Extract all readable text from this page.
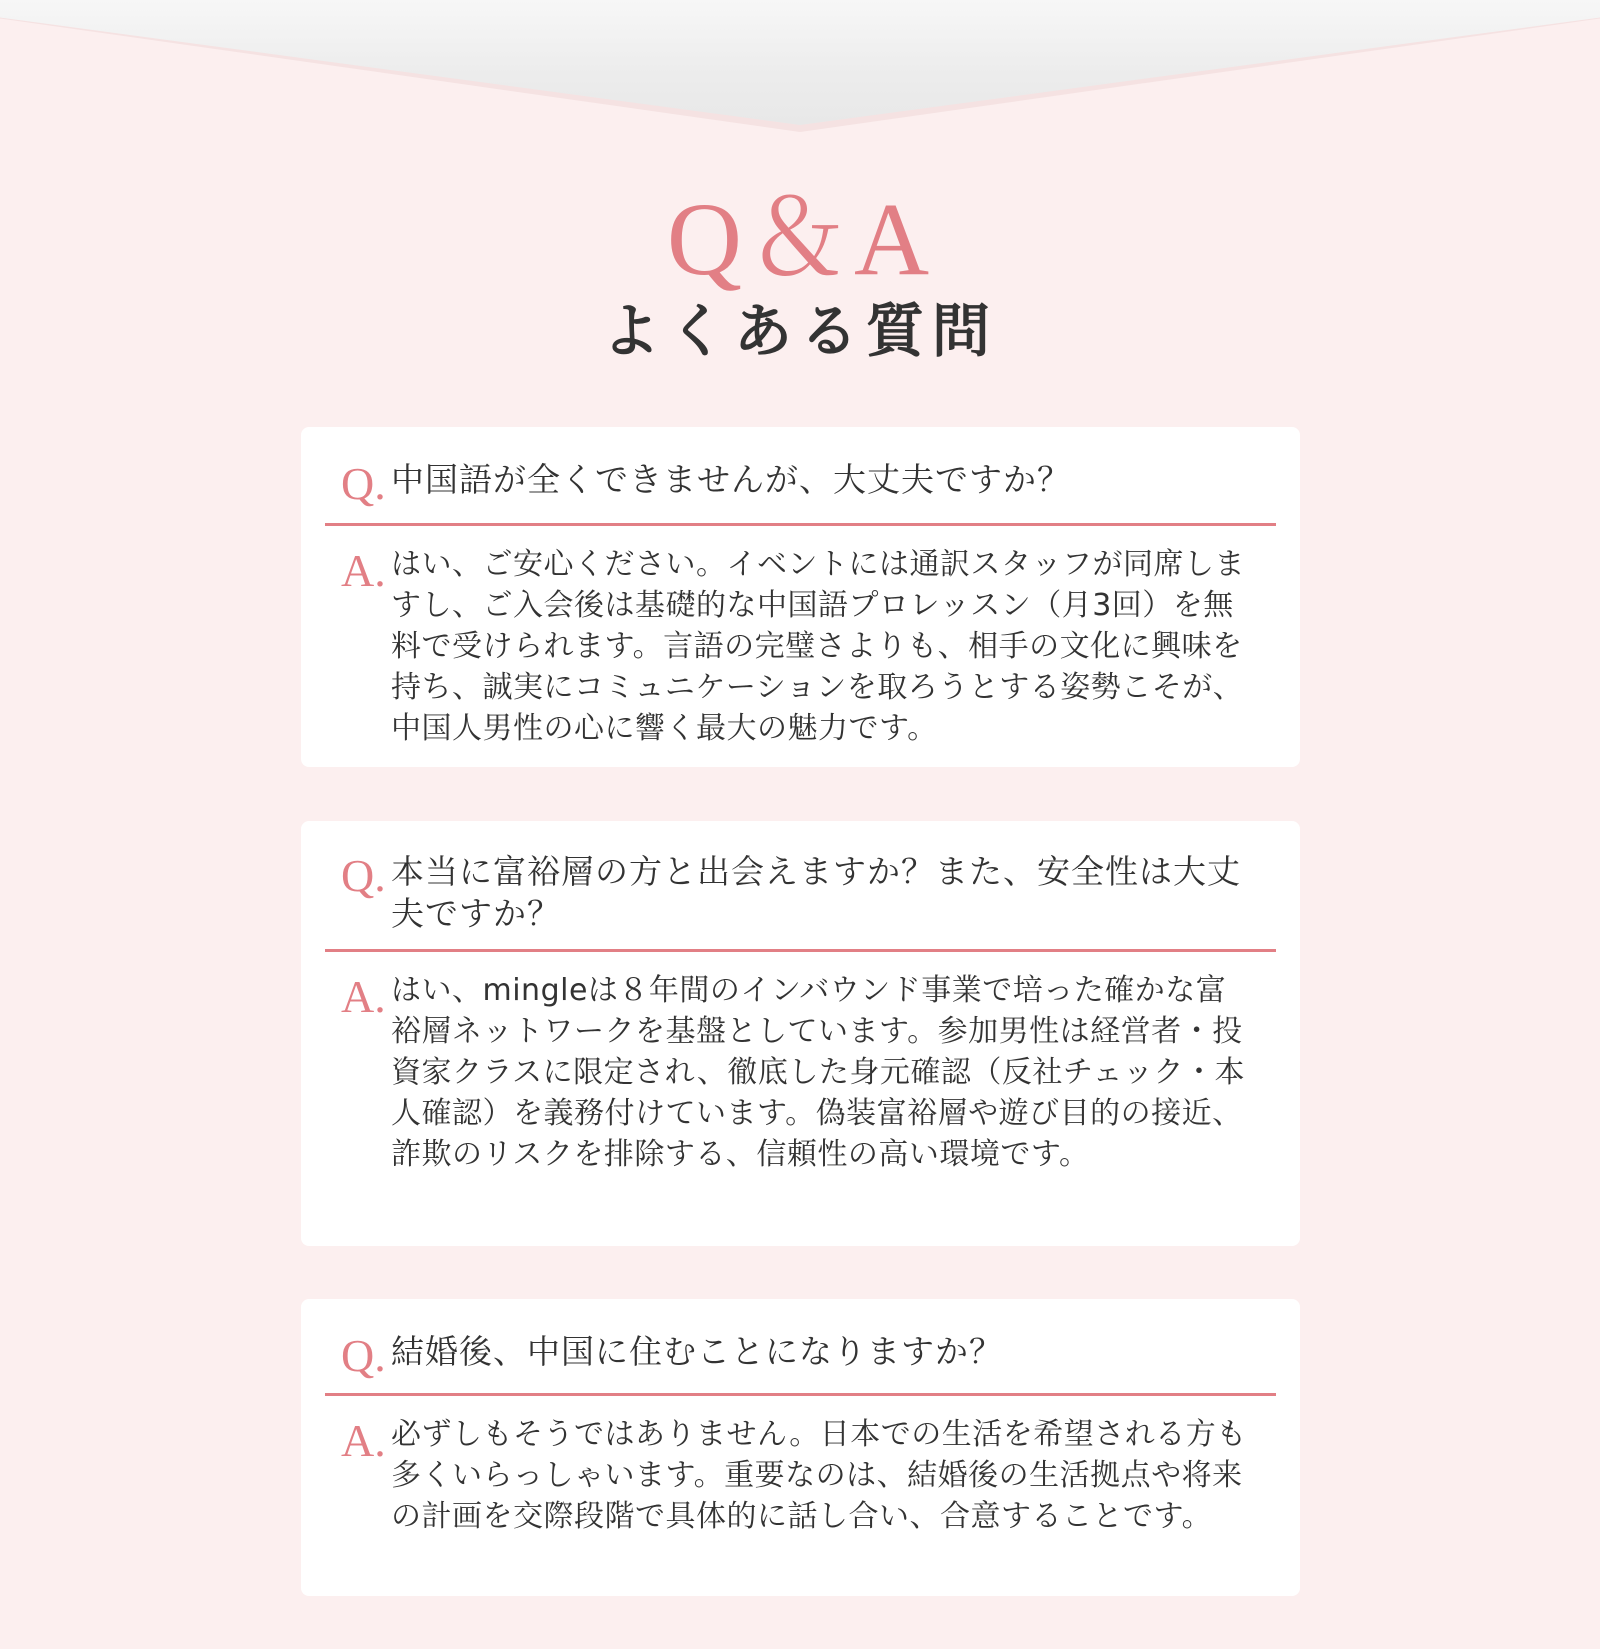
Q＆A
よくある質問
Q. 中国語が全くできませんが、大丈夫ですか？
A. はい、ご安心ください。イベントには通訳スタッフが同席しますし、ご入会後は基礎的な中国語プロレッスン（月3回）を無料で受けられます。言語の完璧さよりも、相手の文化に興味を持ち、誠実にコミュニケーションを取ろうとする姿勢こそが、中国人男性の心に響く最大の魅力です。
Q. 本当に富裕層の方と出会えますか？また、安全性は大丈夫ですか？
A. はい、mingleは８年間のインバウンド事業で培った確かな富裕層ネットワークを基盤としています。参加男性は経営者・投資家クラスに限定され、徹底した身元確認（反社チェック・本人確認）を義務付けています。偽装富裕層や遊び目的の接近、詐欺のリスクを排除する、信頼性の高い環境です。
Q. 結婚後、中国に住むことになりますか？
A. 必ずしもそうではありません。日本での生活を希望される方も多くいらっしゃいます。重要なのは、結婚後の生活拠点や将来の計画を交際段階で具体的に話し合い、合意することです。
